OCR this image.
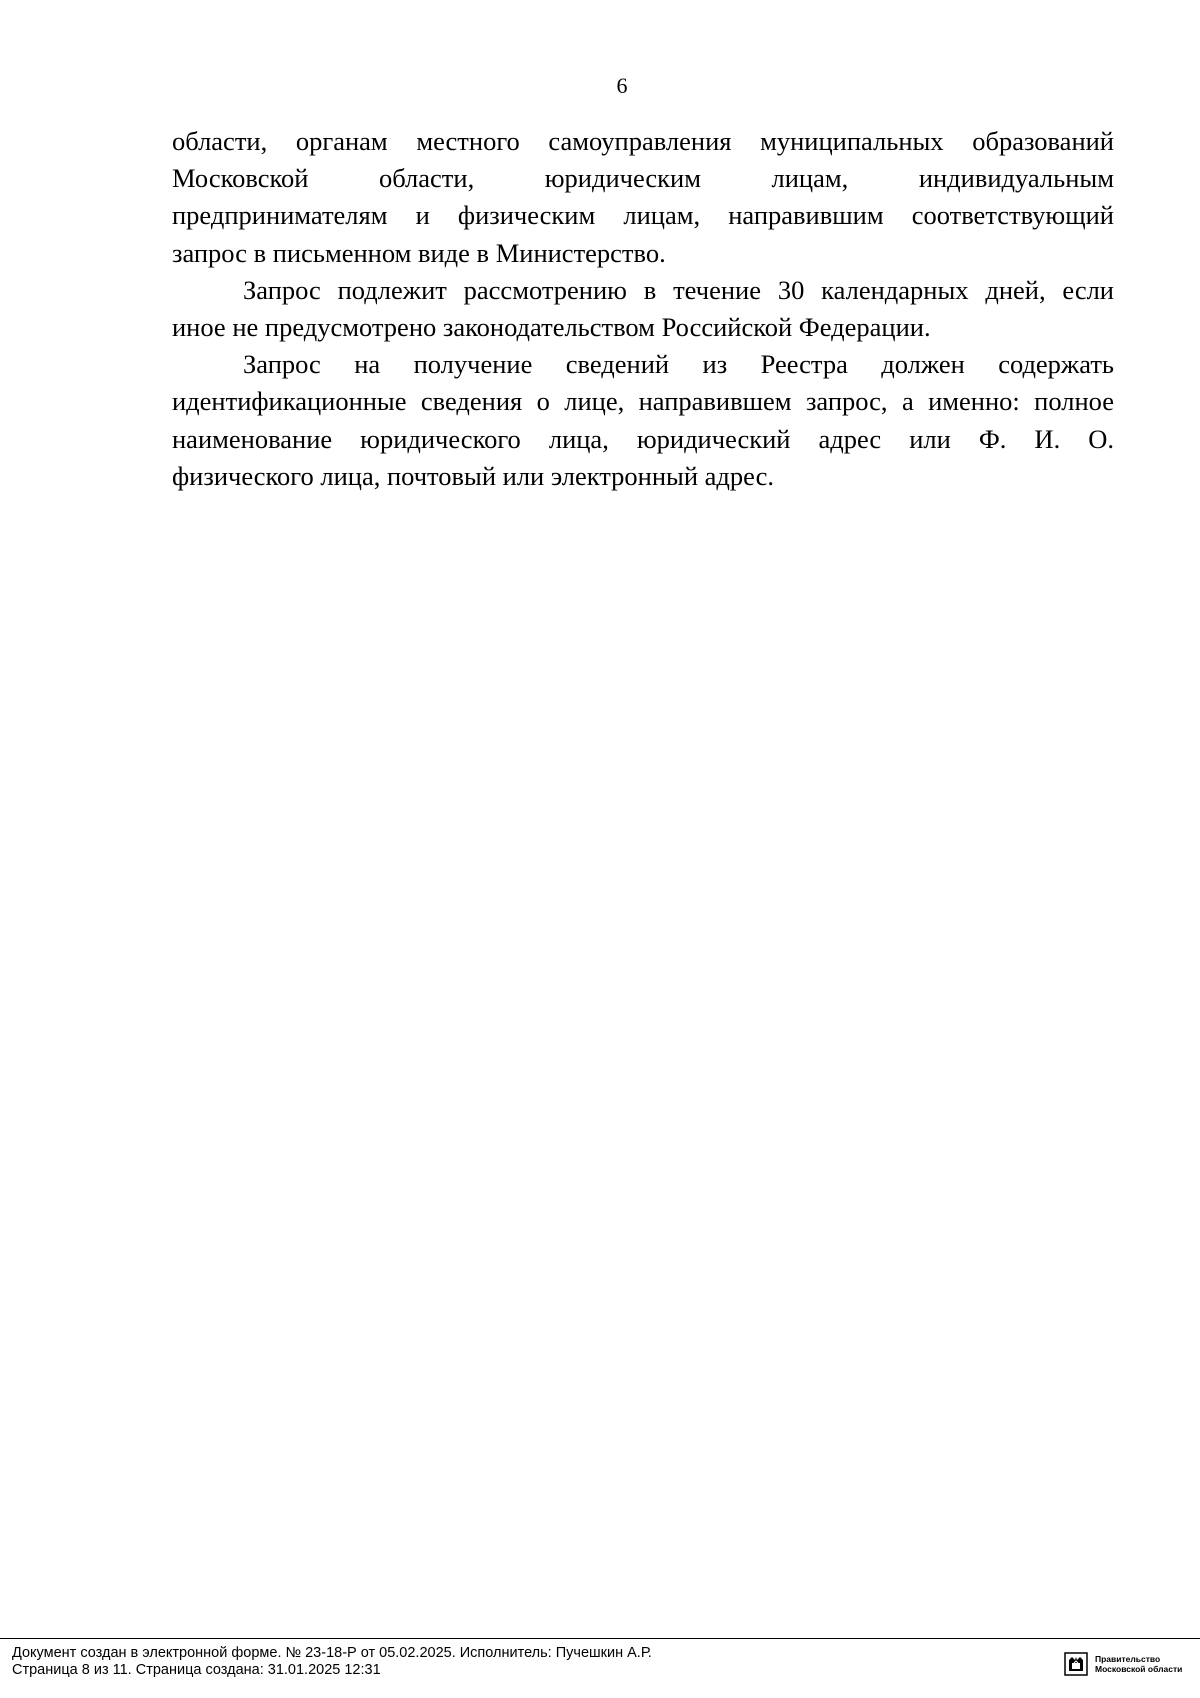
6

области, органам местного самоуправления муниципальных образований
Московской области, юридическим лицам, индивидуальным
предпринимателям и физическим лицам, направившим соответствующий
запрос в письменном виде в Министерство.

Запрос подлежит рассмотрению в течение 30 календарных дней, если
иное не предусмотрено законодательством Российской Федерации.

Запрос на получение сведений из Реестра должен содержать
идентификационные сведения о лице, направившем запрос, а именно: полное
наименование юридического лица, юридический адрес или Ф. И. О.
физического лица, почтовый или электронный адрес.

Документ создан в электронной форме. № 23-18-Р от 05.02.2025. Исполнитель: Пучешкин А.Р.
Страница 8 из 11. Страница создана: 31.01.2025 12:31
Правительство
Московской области
